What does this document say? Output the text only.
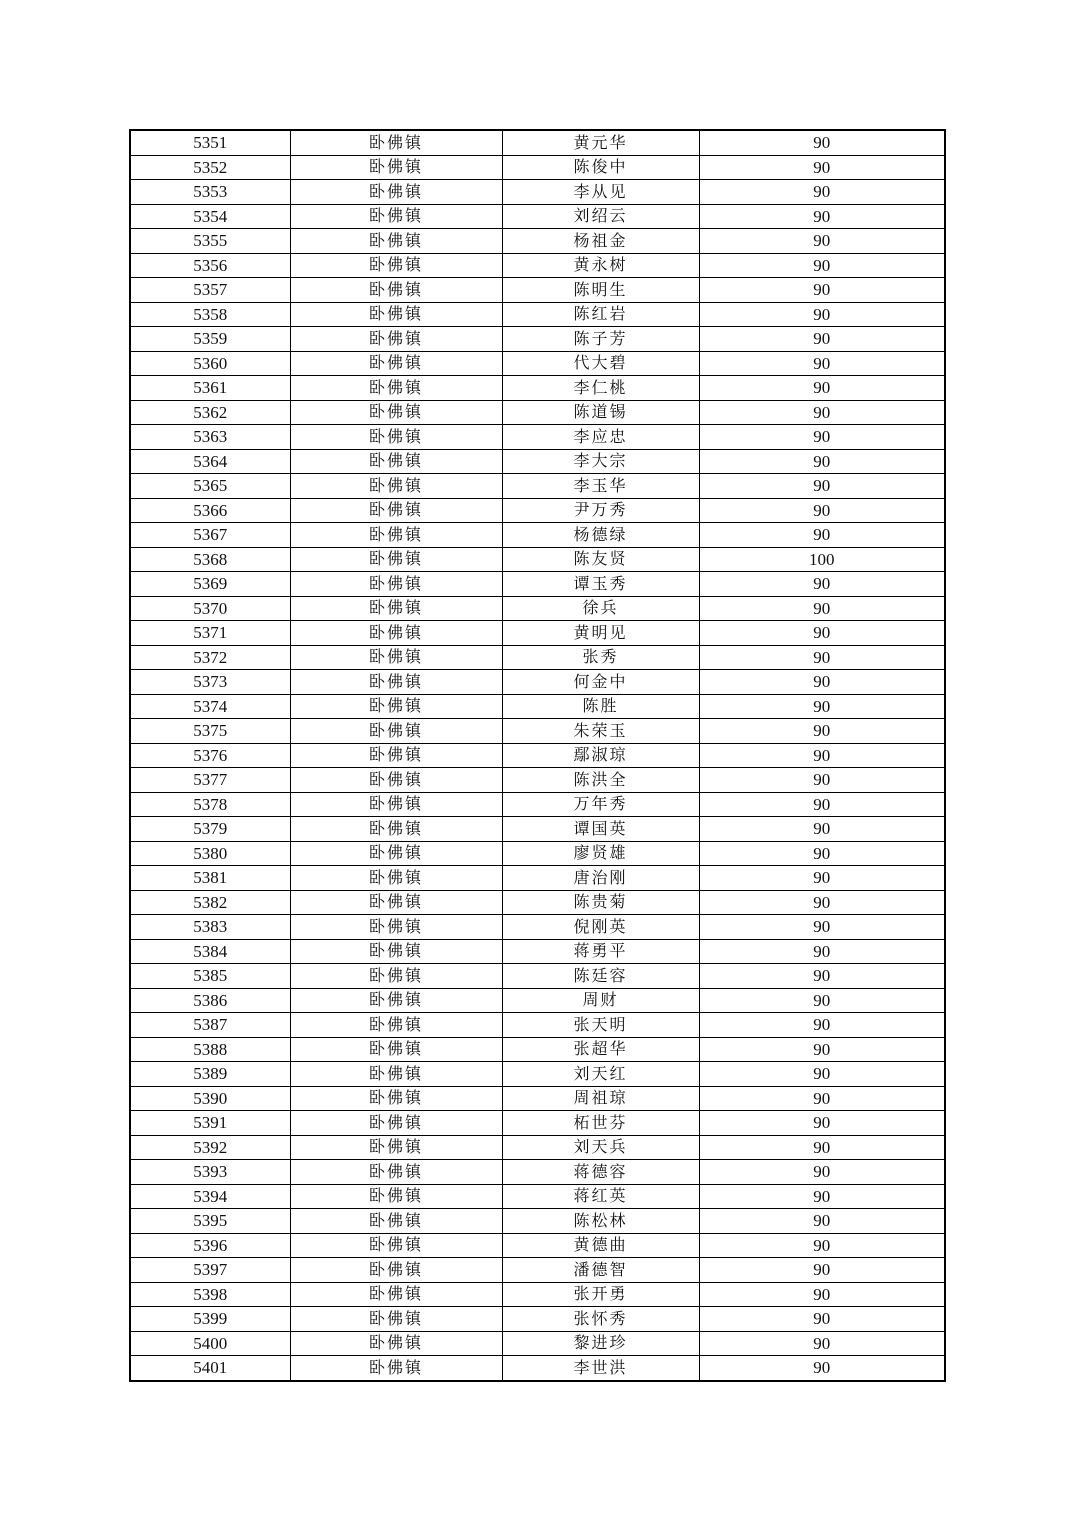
5351	卧佛镇	黄元华	90
5352	卧佛镇	陈俊中	90
5353	卧佛镇	李从见	90
5354	卧佛镇	刘绍云	90
5355	卧佛镇	杨祖金	90
5356	卧佛镇	黄永树	90
5357	卧佛镇	陈明生	90
5358	卧佛镇	陈红岩	90
5359	卧佛镇	陈子芳	90
5360	卧佛镇	代大碧	90
5361	卧佛镇	李仁桃	90
5362	卧佛镇	陈道锡	90
5363	卧佛镇	李应忠	90
5364	卧佛镇	李大宗	90
5365	卧佛镇	李玉华	90
5366	卧佛镇	尹万秀	90
5367	卧佛镇	杨德绿	90
5368	卧佛镇	陈友贤	100
5369	卧佛镇	谭玉秀	90
5370	卧佛镇	徐兵	90
5371	卧佛镇	黄明见	90
5372	卧佛镇	张秀	90
5373	卧佛镇	何金中	90
5374	卧佛镇	陈胜	90
5375	卧佛镇	朱荣玉	90
5376	卧佛镇	鄢淑琼	90
5377	卧佛镇	陈洪全	90
5378	卧佛镇	万年秀	90
5379	卧佛镇	谭国英	90
5380	卧佛镇	廖贤雄	90
5381	卧佛镇	唐治刚	90
5382	卧佛镇	陈贵菊	90
5383	卧佛镇	倪刚英	90
5384	卧佛镇	蒋勇平	90
5385	卧佛镇	陈廷容	90
5386	卧佛镇	周财	90
5387	卧佛镇	张天明	90
5388	卧佛镇	张超华	90
5389	卧佛镇	刘天红	90
5390	卧佛镇	周祖琼	90
5391	卧佛镇	柘世芬	90
5392	卧佛镇	刘天兵	90
5393	卧佛镇	蒋德容	90
5394	卧佛镇	蒋红英	90
5395	卧佛镇	陈松林	90
5396	卧佛镇	黄德曲	90
5397	卧佛镇	潘德智	90
5398	卧佛镇	张开勇	90
5399	卧佛镇	张怀秀	90
5400	卧佛镇	黎进珍	90
5401	卧佛镇	李世洪	90
